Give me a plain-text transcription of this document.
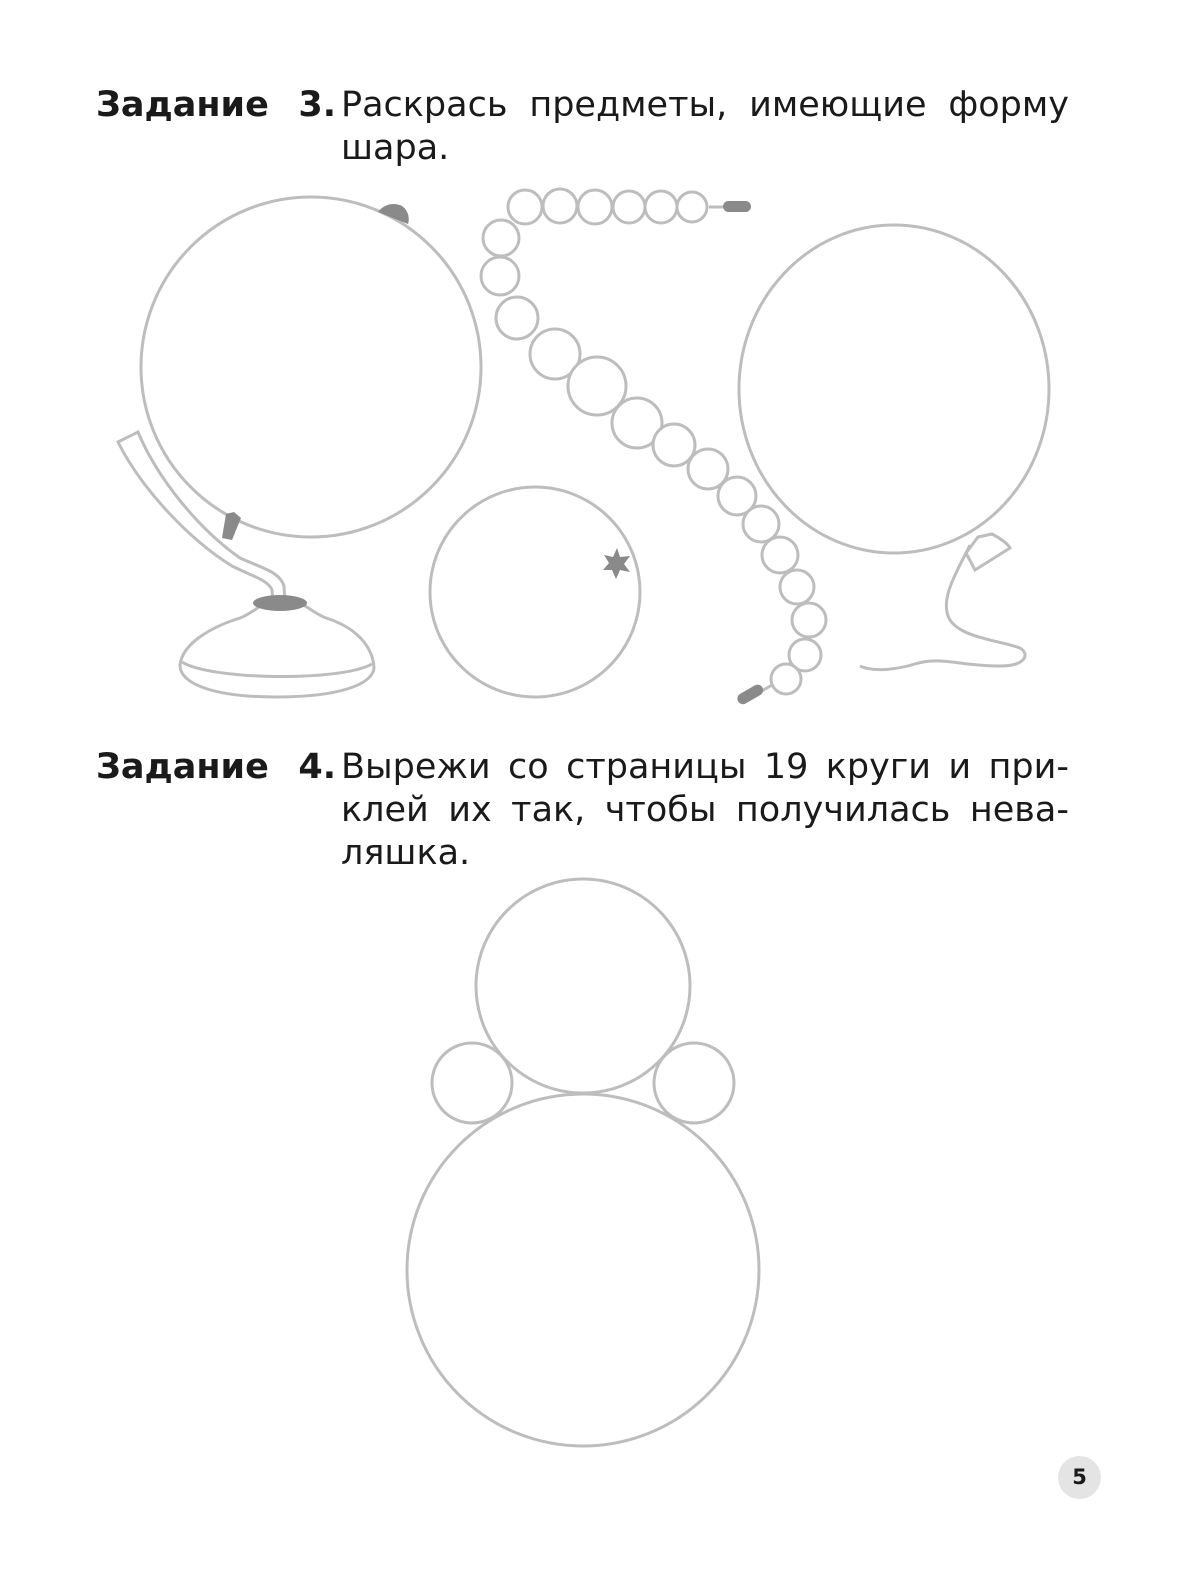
Задание 3. Раскрась предметы, имеющие форму
шара.
Задание 4. Вырежи со страницы 19 круги и при-
клей их так, чтобы получилась нева-
ляшка.
5
